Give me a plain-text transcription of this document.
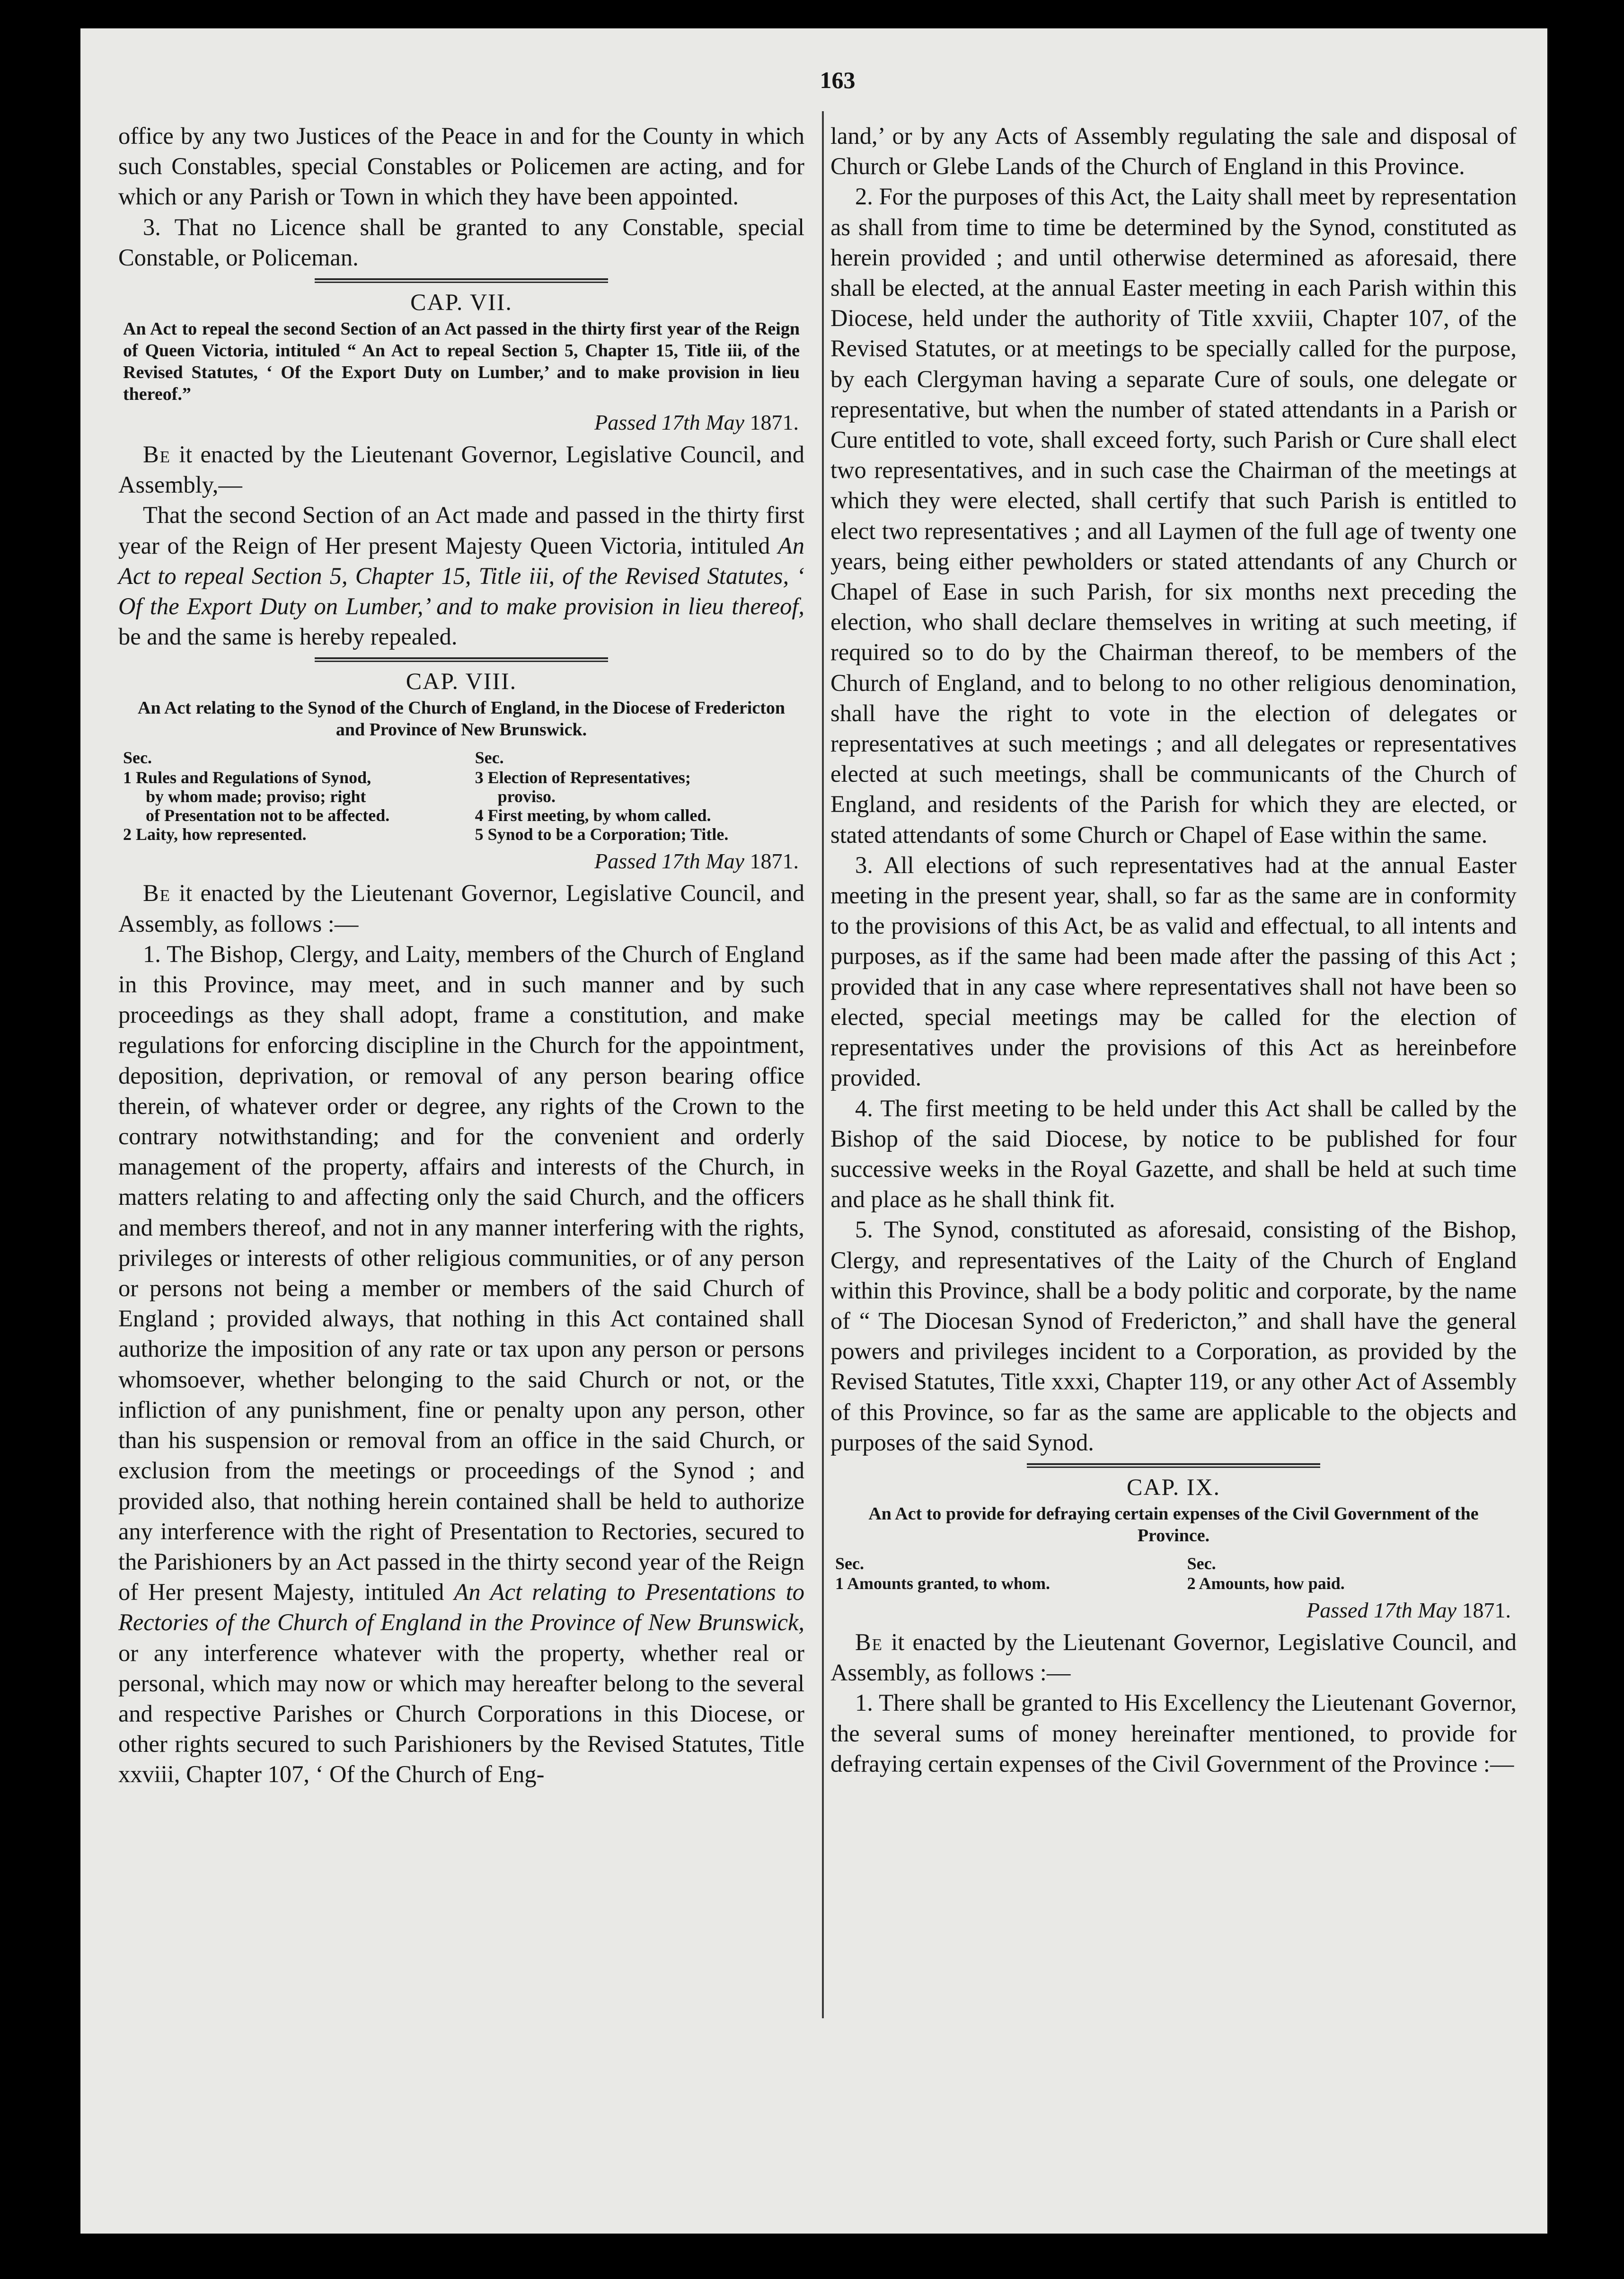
163

office by any two Justices of the Peace in and for the County in which such Constables, special Constables or Policemen are acting, and for which or any Parish or Town in which they have been appointed.

3. That no Licence shall be granted to any Constable, special Constable, or Policeman.

CAP. VII.
An Act to repeal the second Section of an Act passed in the thirty first year of the Reign of Queen Victoria, intituled “ An Act to repeal Section 5, Chapter 15, Title iii, of the Revised Statutes, ‘ Of the Export Duty on Lumber,’ and to make provision in lieu thereof.”
Passed 17th May 1871.

Be it enacted by the Lieutenant Governor, Legislative Council, and Assembly,—

That the second Section of an Act made and passed in the thirty first year of the Reign of Her present Majesty Queen Victoria, intituled An Act to repeal Section 5, Chapter 15, Title iii, of the Revised Statutes, ‘ Of the Export Duty on Lumber,’ and to make provision in lieu thereof, be and the same is hereby repealed.

CAP. VIII.
An Act relating to the Synod of the Church of England, in the Diocese of Fredericton and Province of New Brunswick.
Sec.
1 Rules and Regulations of Synod,
by whom made; proviso; right
of Presentation not to be affected.
2 Laity, how represented.
Sec.
3 Election of Representatives;
proviso.
4 First meeting, by whom called.
5 Synod to be a Corporation; Title.
Passed 17th May 1871.

Be it enacted by the Lieutenant Governor, Legislative Council, and Assembly, as follows :—

1. The Bishop, Clergy, and Laity, members of the Church of England in this Province, may meet, and in such manner and by such proceedings as they shall adopt, frame a constitution, and make regulations for enforcing discipline in the Church for the appointment, deposition, deprivation, or removal of any person bearing office therein, of whatever order or degree, any rights of the Crown to the contrary notwithstanding; and for the convenient and orderly management of the property, affairs and interests of the Church, in matters relating to and affecting only the said Church, and the officers and members thereof, and not in any manner interfering with the rights, privileges or interests of other religious communities, or of any person or persons not being a member or members of the said Church of England ; provided always, that nothing in this Act contained shall authorize the imposition of any rate or tax upon any person or persons whomsoever, whether belonging to the said Church or not, or the infliction of any punishment, fine or penalty upon any person, other than his suspension or removal from an office in the said Church, or exclusion from the meetings or proceedings of the Synod ; and provided also, that nothing herein contained shall be held to authorize any interference with the right of Presentation to Rectories, secured to the Parishioners by an Act passed in the thirty second year of the Reign of Her present Majesty, intituled An Act relating to Presentations to Rectories of the Church of England in the Province of New Brunswick, or any interference whatever with the property, whether real or personal, which may now or which may hereafter belong to the several and respective Parishes or Church Corporations in this Diocese, or other rights secured to such Parishioners by the Revised Statutes, Title xxviii, Chapter 107, ‘ Of the Church of Eng-

land,’ or by any Acts of Assembly regulating the sale and disposal of Church or Glebe Lands of the Church of England in this Province.

2. For the purposes of this Act, the Laity shall meet by representation as shall from time to time be determined by the Synod, constituted as herein provided ; and until otherwise determined as aforesaid, there shall be elected, at the annual Easter meeting in each Parish within this Diocese, held under the authority of Title xxviii, Chapter 107, of the Revised Statutes, or at meetings to be specially called for the purpose, by each Clergyman having a separate Cure of souls, one delegate or representative, but when the number of stated attendants in a Parish or Cure entitled to vote, shall exceed forty, such Parish or Cure shall elect two representatives, and in such case the Chairman of the meetings at which they were elected, shall certify that such Parish is entitled to elect two representatives ; and all Laymen of the full age of twenty one years, being either pewholders or stated attendants of any Church or Chapel of Ease in such Parish, for six months next preceding the election, who shall declare themselves in writing at such meeting, if required so to do by the Chairman thereof, to be members of the Church of England, and to belong to no other religious denomination, shall have the right to vote in the election of delegates or representatives at such meetings ; and all delegates or representatives elected at such meetings, shall be communicants of the Church of England, and residents of the Parish for which they are elected, or stated attendants of some Church or Chapel of Ease within the same.

3. All elections of such representatives had at the annual Easter meeting in the present year, shall, so far as the same are in conformity to the provisions of this Act, be as valid and effectual, to all intents and purposes, as if the same had been made after the passing of this Act ; provided that in any case where representatives shall not have been so elected, special meetings may be called for the election of representatives under the provisions of this Act as hereinbefore provided.

4. The first meeting to be held under this Act shall be called by the Bishop of the said Diocese, by notice to be published for four successive weeks in the Royal Gazette, and shall be held at such time and place as he shall think fit.

5. The Synod, constituted as aforesaid, consisting of the Bishop, Clergy, and representatives of the Laity of the Church of England within this Province, shall be a body politic and corporate, by the name of “ The Diocesan Synod of Fredericton,” and shall have the general powers and privileges incident to a Corporation, as provided by the Revised Statutes, Title xxxi, Chapter 119, or any other Act of Assembly of this Province, so far as the same are applicable to the objects and purposes of the said Synod.

CAP. IX.
An Act to provide for defraying certain expenses of the Civil Government of the Province.
Sec.
1 Amounts granted, to whom.
Sec.
2 Amounts, how paid.
Passed 17th May 1871.

Be it enacted by the Lieutenant Governor, Legislative Council, and Assembly, as follows :—

1. There shall be granted to His Excellency the Lieutenant Governor, the several sums of money hereinafter mentioned, to provide for defraying certain expenses of the Civil Government of the Province :—
